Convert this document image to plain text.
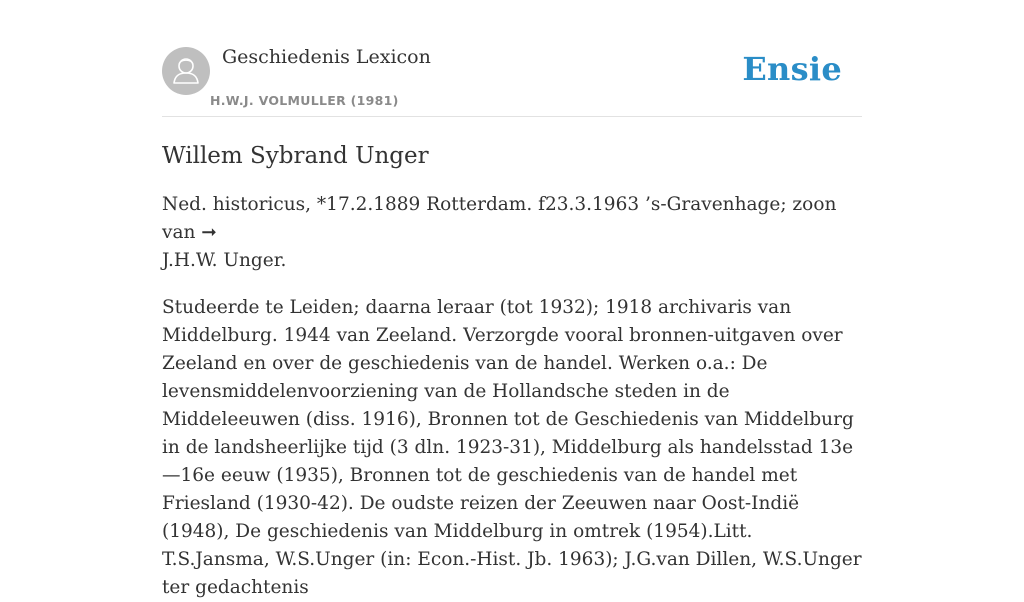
Geschiedenis Lexicon
H.W.J. VOLMULLER (1981)
Ensie
Willem Sybrand Unger

Ned. historicus, *17.2.1889 Rotterdam. f23.3.1963 ’s-Gravenhage; zoon van ➞
J.H.W. Unger.

Studeerde te Leiden; daarna leraar (tot 1932); 1918 archivaris van Middelburg. 1944 van Zeeland. Verzorgde vooral bronnen-uitgaven over Zeeland en over de geschiedenis van de handel. Werken o.a.: De levensmiddelenvoorziening van de Hollandsche steden in de Middeleeuwen (diss. 1916), Bronnen tot de Geschiedenis van Middelburg in de landsheerlijke tijd (3 dln. 1923-31), Middelburg als handelsstad 13e—16e eeuw (1935), Bronnen tot de geschiedenis van de handel met Friesland (1930-42). De oudste reizen der Zeeuwen naar Oost-Indië (1948), De geschiedenis van Middelburg in omtrek (1954).Litt. T.S.Jansma, W.S.Unger (in: Econ.-Hist. Jb. 1963); J.G.van Dillen, W.S.Unger ter gedachtenis
